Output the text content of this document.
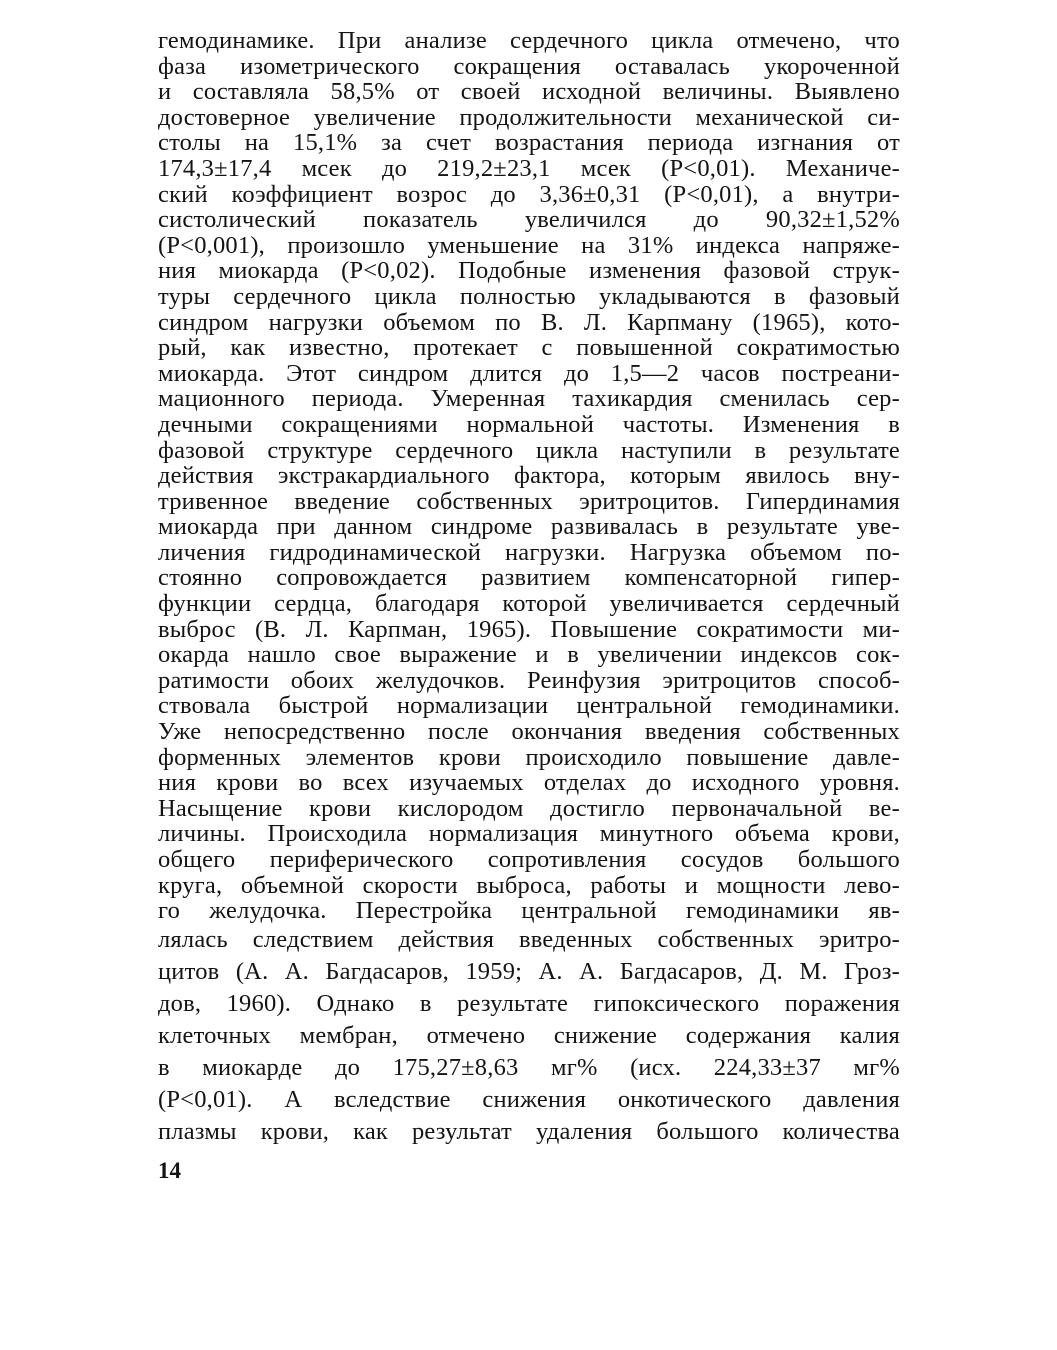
гемодинамике. При анализе сердечного цикла отмечено, что
фаза изометрического сокращения оставалась укороченной
и составляла 58,5% от своей исходной величины. Выявлено
достоверное увеличение продолжительности механической си-
столы на 15,1% за счет возрастания периода изгнания от
174,3±17,4 мсек до 219,2±23,1 мсек (P<0,01). Механиче-
ский коэффициент возрос до 3,36±0,31 (P<0,01), а внутри-
систолический показатель увеличился до 90,32±1,52%
(P<0,001), произошло уменьшение на 31% индекса напряже-
ния миокарда (P<0,02). Подобные изменения фазовой струк-
туры сердечного цикла полностью укладываются в фазовый
синдром нагрузки объемом по В. Л. Карпману (1965), кото-
рый, как известно, протекает с повышенной сократимостью
миокарда. Этот синдром длится до 1,5—2 часов постреани-
мационного периода. Умеренная тахикардия сменилась сер-
дечными сокращениями нормальной частоты. Изменения в
фазовой структуре сердечного цикла наступили в результате
действия экстракардиального фактора, которым явилось вну-
тривенное введение собственных эритроцитов. Гипердинамия
миокарда при данном синдроме развивалась в результате уве-
личения гидродинамической нагрузки. Нагрузка объемом по-
стоянно сопровождается развитием компенсаторной гипер-
функции сердца, благодаря которой увеличивается сердечный
выброс (В. Л. Карпман, 1965). Повышение сократимости ми-
окарда нашло свое выражение и в увеличении индексов сок-
ратимости обоих желудочков. Реинфузия эритроцитов способ-
ствовала быстрой нормализации центральной гемодинамики.
Уже непосредственно после окончания введения собственных
форменных элементов крови происходило повышение давле-
ния крови во всех изучаемых отделах до исходного уровня.
Насыщение крови кислородом достигло первоначальной ве-
личины. Происходила нормализация минутного объема крови,
общего периферического сопротивления сосудов большого
круга, объемной скорости выброса, работы и мощности лево-
го желудочка. Перестройка центральной гемодинамики яв-
лялась следствием действия введенных собственных эритро-
цитов (А. А. Багдасаров, 1959; А. А. Багдасаров, Д. М. Гроз-
дов, 1960). Однако в результате гипоксического поражения
клеточных мембран, отмечено снижение содержания калия
в миокарде до 175,27±8,63 мг% (исх. 224,33±37 мг%
(P<0,01). А вследствие снижения онкотического давления
плазмы крови, как результат удаления большого количества
14
